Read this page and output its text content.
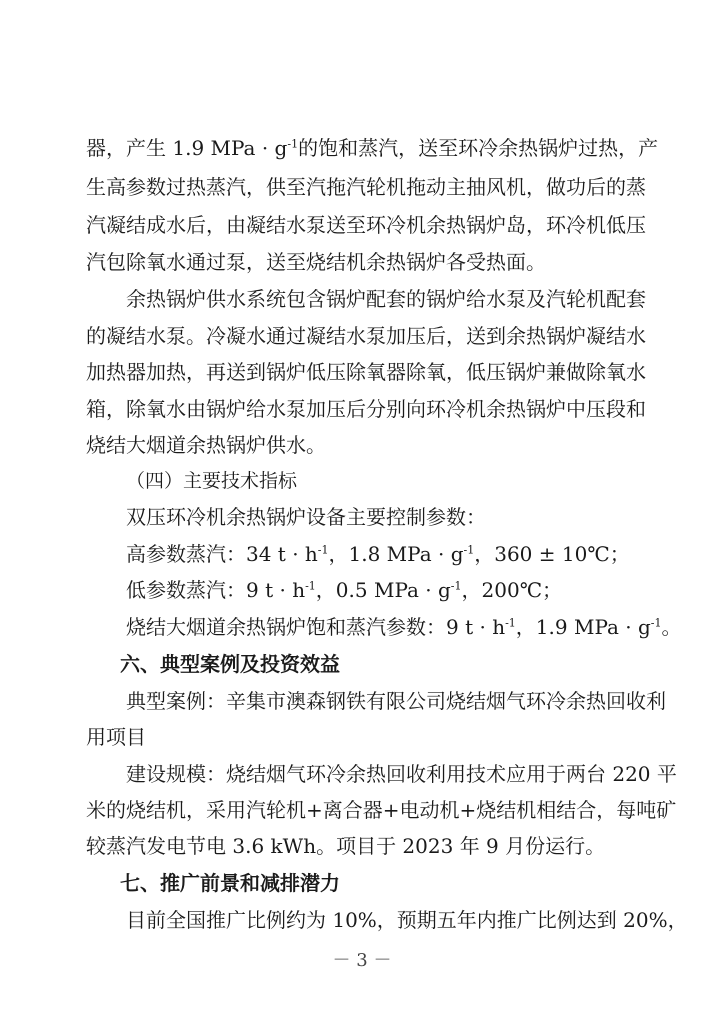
器，产生 1.9 MPa · $g^{-1}$的饱和蒸汽，送至环冷余热锅炉过热，产
生高参数过热蒸汽，供至汽拖汽轮机拖动主抽风机，做功后的蒸
汽凝结成水后，由凝结水泵送至环冷机余热锅炉岛，环冷机低压
汽包除氧水通过泵，送至烧结机余热锅炉各受热面。
余热锅炉供水系统包含锅炉配套的锅炉给水泵及汽轮机配套
的凝结水泵。冷凝水通过凝结水泵加压后，送到余热锅炉凝结水
加热器加热，再送到锅炉低压除氧器除氧，低压锅炉兼做除氧水
箱，除氧水由锅炉给水泵加压后分别向环冷机余热锅炉中压段和
烧结大烟道余热锅炉供水。
（四）主要技术指标
双压环冷机余热锅炉设备主要控制参数：
高参数蒸汽：34 $t \cdot h^{-1}$，1.8 MPa · $g^{-1}$，360 ± 10℃；
低参数蒸汽：9 $t \cdot h^{-1}$，0.5 MPa · $g^{-1}$，200℃；
烧结大烟道余热锅炉饱和蒸汽参数：9 $t \cdot h^{-1}$，1.9 MPa · $g^{-1}$。
六、典型案例及投资效益
典型案例：辛集市澳森钢铁有限公司烧结烟气环冷余热回收利
用项目
建设规模：烧结烟气环冷余热回收利用技术应用于两台 220 平
米的烧结机，采用汽轮机+离合器+电动机+烧结机相结合，每吨矿
较蒸汽发电节电 3.6 kWh。项目于 2023 年 9 月份运行。
七、推广前景和减排潜力
目前全国推广比例约为 10%，预期五年内推广比例达到 20%，
－ 3 －
